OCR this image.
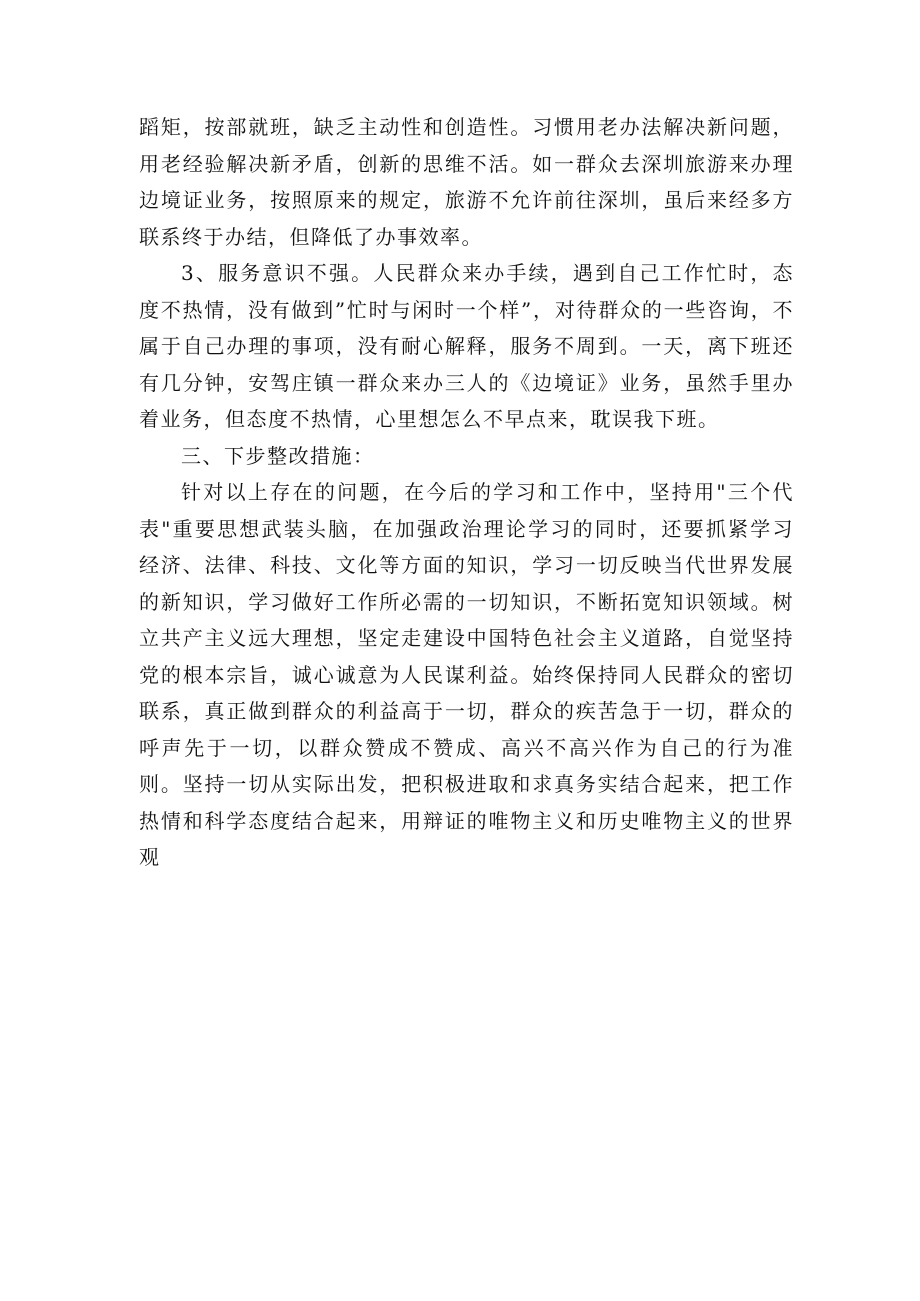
蹈矩，按部就班，缺乏主动性和创造性。习惯用老办法解决新问题，用老经验解决新矛盾，创新的思维不活。如一群众去深圳旅游来办理边境证业务，按照原来的规定，旅游不允许前往深圳，虽后来经多方联系终于办结，但降低了办事效率。

3、服务意识不强。人民群众来办手续，遇到自己工作忙时，态度不热情，没有做到”忙时与闲时一个样”，对待群众的一些咨询，不属于自己办理的事项，没有耐心解释，服务不周到。一天，离下班还有几分钟，安驾庄镇一群众来办三人的《边境证》业务，虽然手里办着业务，但态度不热情，心里想怎么不早点来，耽误我下班。

三、下步整改措施：

针对以上存在的问题，在今后的学习和工作中，坚持用"三个代表"重要思想武装头脑，在加强政治理论学习的同时，还要抓紧学习经济、法律、科技、文化等方面的知识，学习一切反映当代世界发展的新知识，学习做好工作所必需的一切知识，不断拓宽知识领域。树立共产主义远大理想，坚定走建设中国特色社会主义道路，自觉坚持党的根本宗旨，诚心诚意为人民谋利益。始终保持同人民群众的密切联系，真正做到群众的利益高于一切，群众的疾苦急于一切，群众的呼声先于一切，以群众赞成不赞成、高兴不高兴作为自己的行为准则。坚持一切从实际出发，把积极进取和求真务实结合起来，把工作热情和科学态度结合起来，用辩证的唯物主义和历史唯物主义的世界观
